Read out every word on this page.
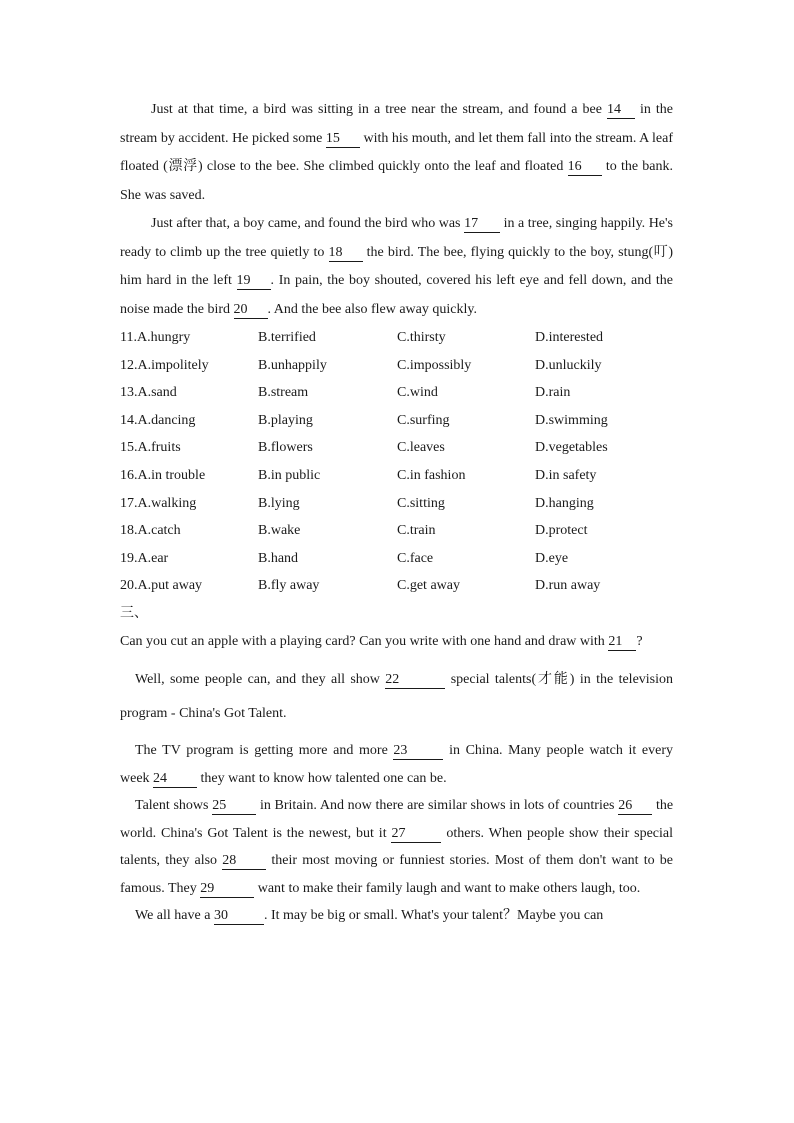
Just at that time, a bird was sitting in a tree near the stream, and found a bee 14 in the stream by accident. He picked some 15 with his mouth, and let them fall into the stream. A leaf floated (漂浮) close to the bee. She climbed quickly onto the leaf and floated 16 to the bank. She was saved.

Just after that, a boy came, and found the bird who was 17 in a tree, singing happily. He's ready to climb up the tree quietly to 18 the bird. The bee, flying quickly to the boy, stung(叮) him hard in the left 19 . In pain, the boy shouted, covered his left eye and fell down, and the noise made the bird 20 . And the bee also flew away quickly.

11.A.hungry	B.terrified	C.thirsty	D.interested
12.A.impolitely	B.unhappily	C.impossibly	D.unluckily
13.A.sand	B.stream	C.wind	D.rain
14.A.dancing	B.playing	C.surfing	D.swimming
15.A.fruits	B.flowers	C.leaves	D.vegetables
16.A.in trouble	B.in public	C.in fashion	D.in safety
17.A.walking	B.lying	C.sitting	D.hanging
18.A.catch	B.wake	C.train	D.protect
19.A.ear	B.hand	C.face	D.eye
20.A.put away	B.fly away	C.get away	D.run away

三、

Can you cut an apple with a playing card? Can you write with one hand and draw with 21 ?

Well, some people can, and they all show 22	special talents(才能) in the television program - China's Got Talent.

The TV program is getting more and more 23	in China. Many people watch it every week 24 they want to know how talented one can be.

Talent shows 25 in Britain. And now there are similar shows in lots of countries 26 the world. China's Got Talent is the newest, but it 27	others. When people show their special talents, they also 28	their most moving or funniest stories. Most of them don't want to be famous. They 29	want to make their family laugh and want to make others laugh, too.

We all have a 30	. It may be big or small. What's your talent？Maybe you can
